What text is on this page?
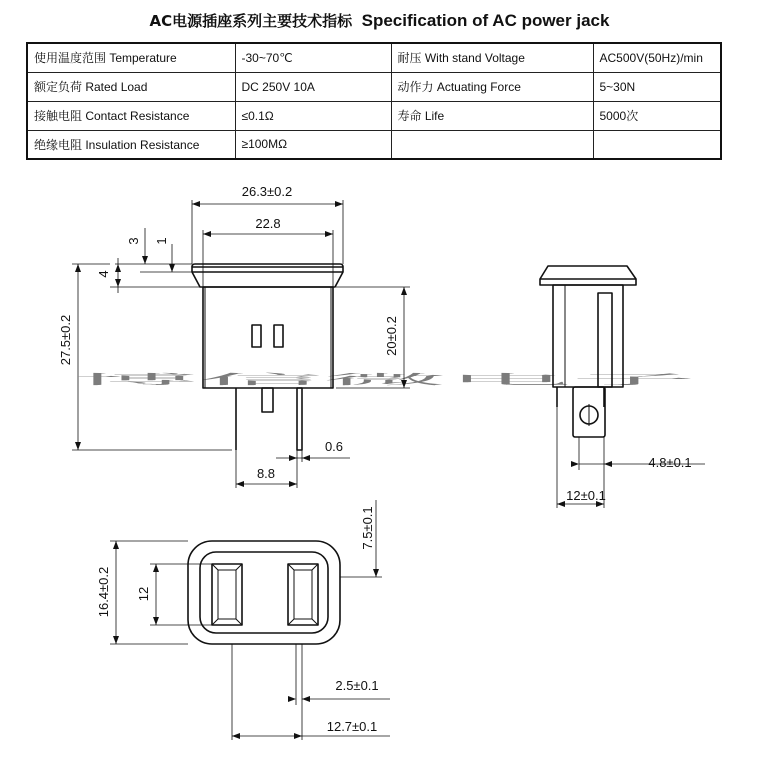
AC电源插座系列主要技术指标 Specification of AC power jack
使用温度范围 Temperature	-30~70℃	耐压 With stand Voltage	AC500V(50Hz)/min
额定负荷 Rated Load	DC 250V 10A	动作力 Actuating Force	5~30N
接触电阻 Contact Resistance	≤0.1Ω	寿命 Life	5000次
绝缘电阻 Insulation Resistance	≥100MΩ		
26.3±0.2
22.8
3 1
4
27.5±0.2	20±0.2
0.6
8.8
4.8±0.1
12±0.1
16.4±0.2 12
7.5±0.1
2.5±0.1
12.7±0.1
博信微电子
